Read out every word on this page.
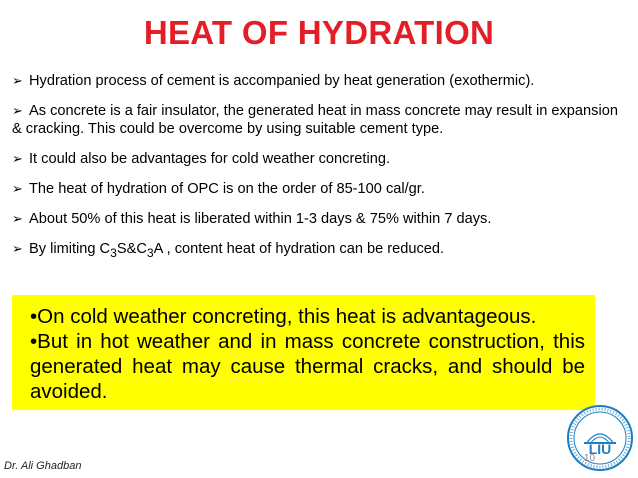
HEAT OF HYDRATION
➢ Hydration process of cement is accompanied by heat generation (exothermic).
➢ As concrete is a fair insulator, the generated heat in mass concrete may result in expansion & cracking. This could be overcome by using suitable cement type.
➢ It could also be advantages for cold weather concreting.
➢ The heat of hydration of OPC is on the order of 85-100 cal/gr.
➢ About 50% of this heat is liberated within 1-3 days & 75% within 7 days.
➢ By limiting $C_3S\&C_3A$ , content heat of hydration can be reduced.
•On cold weather concreting, this heat is advantageous.
•But in hot weather and in mass concrete construction, this generated heat may cause thermal cracks, and should be avoided.
Dr. Ali Ghadban
LIU
10
